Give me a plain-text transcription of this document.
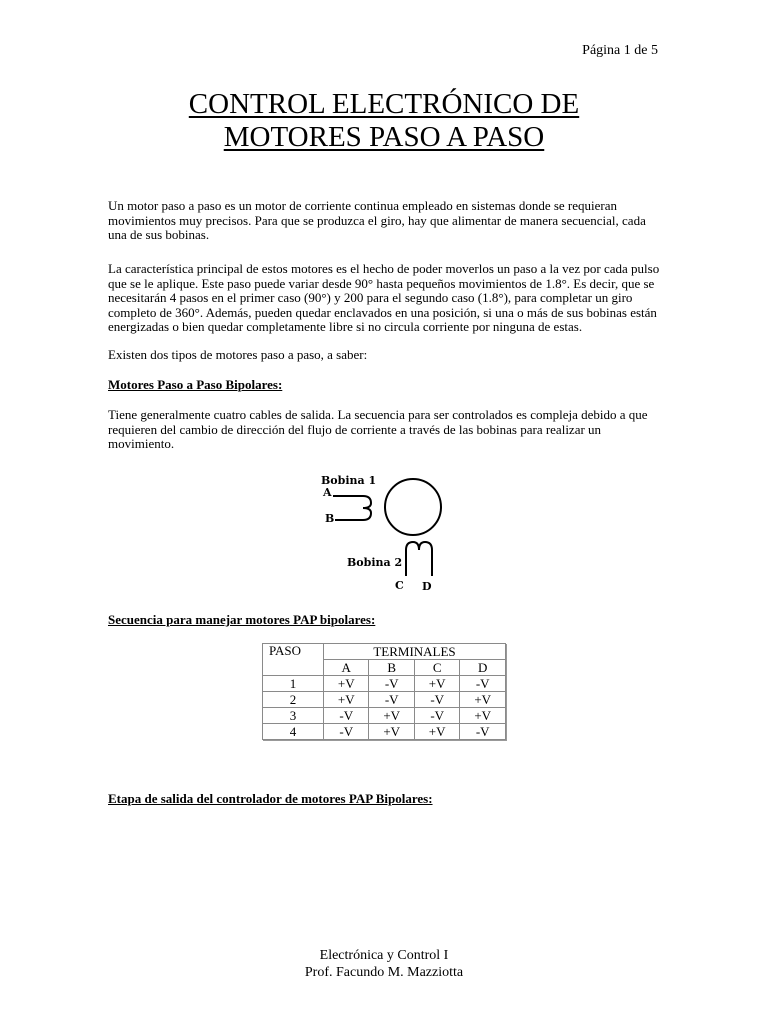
Página 1 de 5
CONTROL ELECTRÓNICO DE
MOTORES PASO A PASO

Un motor paso a paso es un motor de corriente continua empleado en sistemas donde se requieran movimientos muy precisos. Para que se produzca el giro, hay que alimentar de manera secuencial, cada una de sus bobinas.

La característica principal de estos motores es el hecho de poder moverlos un paso a la vez por cada pulso que se le aplique. Este paso puede variar desde 90° hasta pequeños movimientos de 1.8°. Es decir, que se necesitarán 4 pasos en el primer caso (90°) y 200 para el segundo caso (1.8°), para completar un giro completo de 360°. Además, pueden quedar enclavados en una posición, si una o más de sus bobinas están energizadas o bien quedar completamente libre si no circula corriente por ninguna de estas.

Existen dos tipos de motores paso a paso, a saber:

Motores Paso a Paso Bipolares:

Tiene generalmente cuatro cables de salida. La secuencia para ser controlados es compleja debido a que requieren del cambio de dirección del flujo de corriente a través de las bobinas para realizar un movimiento.

Bobina 1
A
B
Bobina 2
C D

Secuencia para manejar motores PAP bipolares:

PASO	TERMINALES			
	A	B	C	D
1	+V	-V	+V	-V
2	+V	-V	-V	+V
3	-V	+V	-V	+V
4	-V	+V	+V	-V

Etapa de salida del controlador de motores PAP Bipolares:

Electrónica y Control I
Prof. Facundo M. Mazziotta
